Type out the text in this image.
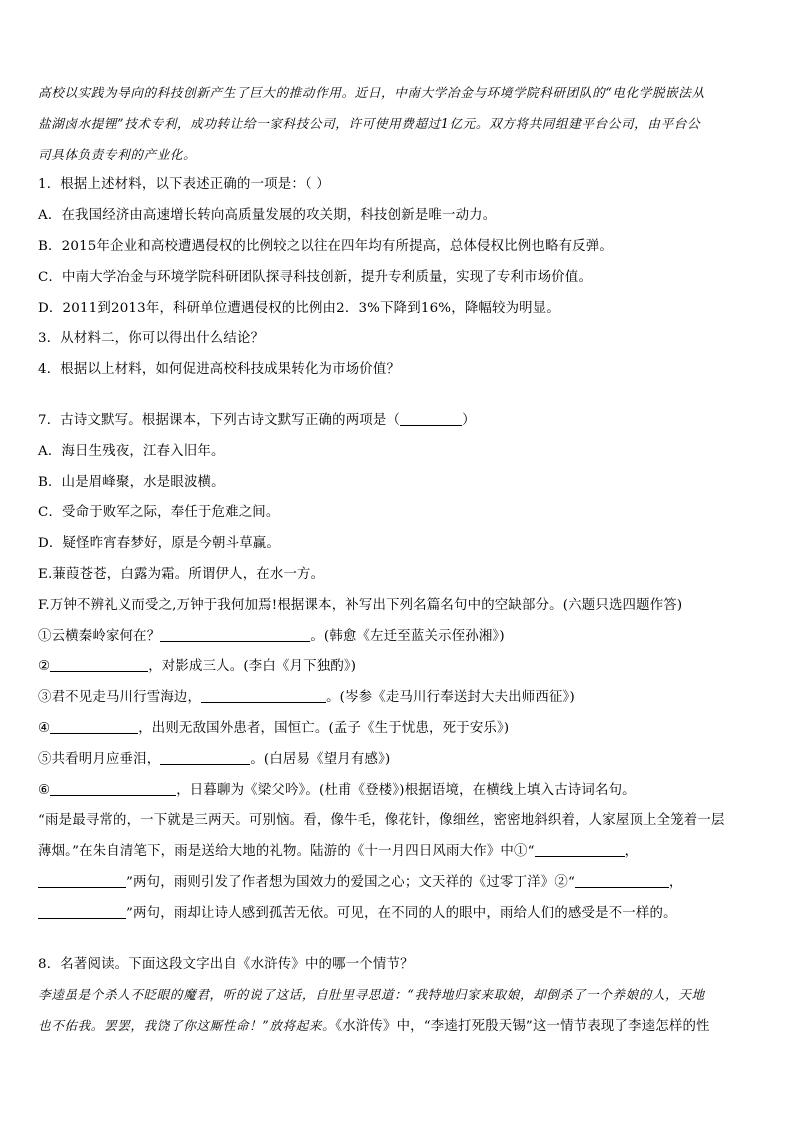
高校以实践为导向的科技创新产生了巨大的推动作用。近日，中南大学冶金与环境学院科研团队的“电化学脱嵌法从
盐湖卤水提锂”技术专利，成功转让给一家科技公司，许可使用费超过1亿元。双方将共同组建平台公司，由平台公
司具体负责专利的产业化。
1．根据上述材料，以下表述正确的一项是：（ ）
A．在我国经济由高速增长转向高质量发展的攻关期，科技创新是唯一动力。
B．2015年企业和高校遭遇侵权的比例较之以往在四年均有所提高，总体侵权比例也略有反弹。
C．中南大学冶金与环境学院科研团队探寻科技创新，提升专利质量，实现了专利市场价值。
D．2011到2013年，科研单位遭遇侵权的比例由2．3%下降到16%，降幅较为明显。
3．从材料二，你可以得出什么结论？
4．根据以上材料，如何促进高校科技成果转化为市场价值？
7．古诗文默写。根据课本，下列古诗文默写正确的两项是（	）
A．海日生残夜，江春入旧年。
B．山是眉峰聚，水是眼波横。
C．受命于败军之际，奉任于危难之间。
D．疑怪昨宵春梦好，原是今朝斗草赢。
E.蒹葭苍苍，白露为霜。所谓伊人，在水一方。
F.万钟不辨礼义而受之,万钟于我何加焉!根据课本，补写出下列名篇名句中的空缺部分。(六题只选四题作答)
①云横秦岭家何在？	。(韩愈《左迁至蓝关示侄孙湘》)
②	，对影成三人。(李白《月下独酌》)
③君不见走马川行雪海边，	。(岑参《走马川行奉送封大夫出师西征》)
④	，出则无敌国外患者，国恒亡。(孟子《生于忧患，死于安乐》)
⑤共看明月应垂泪，	。(白居易《望月有感》)
⑥	，日暮聊为《梁父吟》。(杜甫《登楼》)根据语境，在横线上填入古诗词名句。
“雨是最寻常的，一下就是三两天。可别恼。看，像牛毛，像花针，像细丝，密密地斜织着，人家屋顶上全笼着一层
薄烟。”在朱自清笔下，雨是送给大地的礼物。陆游的《十一月四日风雨大作》中①“	，
”两句，雨则引发了作者想为国效力的爱国之心；文天祥的《过零丁洋》②“	，
”两句，雨却让诗人感到孤苦无依。可见，在不同的人的眼中，雨给人们的感受是不一样的。
8．名著阅读。下面这段文字出自《水浒传》中的哪一个情节？
李逵虽是个杀人不眨眼的魔君，听的说了这话，自肚里寻思道：“我特地归家来取娘，却倒杀了一个养娘的人，天地
也不佑我。罢罢，我饶了你这厮性命！”放将起来。《水浒传》中，“李逵打死殷天锡”这一情节表现了李逵怎样的性
